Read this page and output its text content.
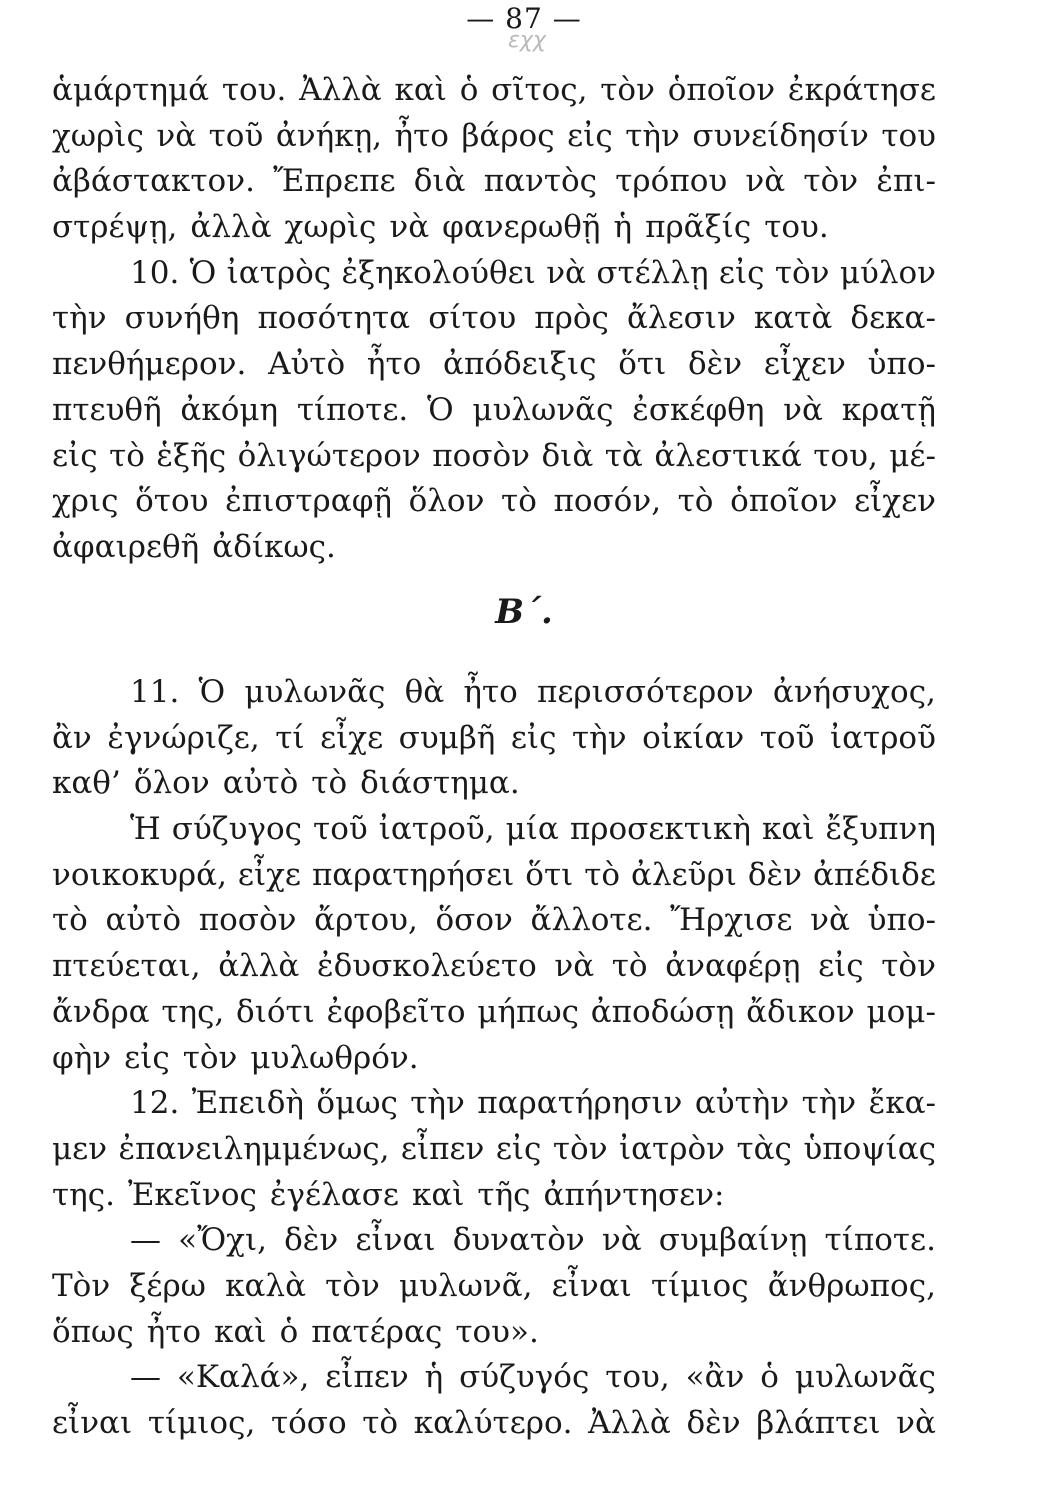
— 87 —
εχχ
ἁμάρτημά του. Ἀλλὰ καὶ ὁ σῖτος, τὸν ὁποῖον ἐκράτησε
χωρὶς νὰ τοῦ ἀνήκῃ, ἦτο βάρος εἰς τὴν συνείδησίν του
ἀβάστακτον. Ἔπρεπε διὰ παντὸς τρόπου νὰ τὸν ἐπι-
στρέψῃ, ἀλλὰ χωρὶς νὰ φανερωθῇ ἡ πρᾶξίς του.
10. Ὁ ἰατρὸς ἐξηκολούθει νὰ στέλλῃ εἰς τὸν μύλον
τὴν συνήθη ποσότητα σίτου πρὸς ἄλεσιν κατὰ δεκα-
πενθήμερον. Αὐτὸ ἦτο ἀπόδειξις ὅτι δὲν εἶχεν ὑπο-
πτευθῆ ἀκόμη τίποτε. Ὁ μυλωνᾶς ἐσκέφθη νὰ κρατῇ
εἰς τὸ ἑξῆς ὀλιγώτερον ποσὸν διὰ τὰ ἀλεστικά του, μέ-
χρις ὅτου ἐπιστραφῇ ὅλον τὸ ποσόν, τὸ ὁποῖον εἶχεν
ἀφαιρεθῆ ἀδίκως.
Β΄.
11. Ὁ μυλωνᾶς θὰ ἦτο περισσότερον ἀνήσυχος,
ἂν ἐγνώριζε, τί εἶχε συμβῆ εἰς τὴν οἰκίαν τοῦ ἰατροῦ
καθ’ ὅλον αὐτὸ τὸ διάστημα.
Ἡ σύζυγος τοῦ ἰατροῦ, μία προσεκτικὴ καὶ ἔξυπνη
νοικοκυρά, εἶχε παρατηρήσει ὅτι τὸ ἀλεῦρι δὲν ἀπέδιδε
τὸ αὐτὸ ποσὸν ἄρτου, ὅσον ἄλλοτε. Ἤρχισε νὰ ὑπο-
πτεύεται, ἀλλὰ ἐδυσκολεύετο νὰ τὸ ἀναφέρῃ εἰς τὸν
ἄνδρα της, διότι ἐφοβεῖτο μήπως ἀποδώσῃ ἄδικον μομ-
φὴν εἰς τὸν μυλωθρόν.
12. Ἐπειδὴ ὅμως τὴν παρατήρησιν αὐτὴν τὴν ἔκα-
μεν ἐπανειλημμένως, εἶπεν εἰς τὸν ἰατρὸν τὰς ὑποψίας
της. Ἐκεῖνος ἐγέλασε καὶ τῆς ἀπήντησεν:
— «Ὄχι, δὲν εἶναι δυνατὸν νὰ συμβαίνῃ τίποτε.
Τὸν ξέρω καλὰ τὸν μυλωνᾶ, εἶναι τίμιος ἄνθρωπος,
ὅπως ἦτο καὶ ὁ πατέρας του».
— «Καλά», εἶπεν ἡ σύζυγός του, «ἂν ὁ μυλωνᾶς
εἶναι τίμιος, τόσο τὸ καλύτερο. Ἀλλὰ δὲν βλάπτει νὰ
